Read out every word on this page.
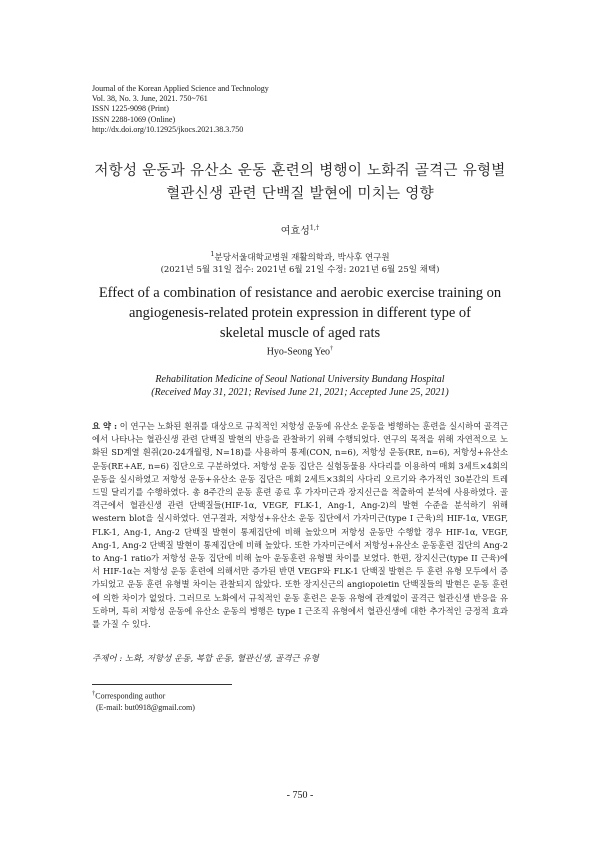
Journal of the Korean Applied Science and Technology
Vol. 38, No. 3. June, 2021. 750~761
ISSN 1225-9098 (Print)
ISSN 2288-1069 (Online)
http://dx.doi.org/10.12925/jkocs.2021.38.3.750
저항성 운동과 유산소 운동 훈련의 병행이 노화쥐 골격근 유형별
혈관신생 관련 단백질 발현에 미치는 영향
여효성$^{1,\dagger}$
$^1$분당서울대학교병원 재활의학과, 박사후 연구원
(2021년 5월 31일 접수: 2021년 6월 21일 수정: 2021년 6월 25일 채택)
Effect of a combination of resistance and aerobic exercise training on
angiogenesis-related protein expression in different type of
skeletal muscle of aged rats
Hyo-Seong Yeo†
Rehabilitation Medicine of Seoul National University Bundang Hospital
(Received May 31, 2021; Revised June 21, 2021; Accepted June 25, 2021)
요 약 : 이 연구는 노화된 흰쥐를 대상으로 규칙적인 저항성 운동에 유산소 운동을 병행하는 훈련을 실시하여 골격근에서 나타나는 혈관신생 관련 단백질 발현의 반응을 관찰하기 위해 수행되었다. 연구의 목적을 위해 자연적으로 노화된 SD계열 흰쥐(20-24개월령, N=18)를 사용하여 통제(CON, n=6), 저항성 운동(RE, n=6), 저항성+유산소 운동(RE+AE, n=6) 집단으로 구분하였다. 저항성 운동 집단은 실험동물용 사다리를 이용하여 매회 3세트×4회의 운동을 실시하였고 저항성 운동+유산소 운동 집단은 매회 2세트×3회의 사다리 오르기와 추가적인 30분간의 트레드밀 달리기를 수행하였다. 총 8주간의 운동 훈련 종료 후 가자미근과 장지신근을 적출하여 분석에 사용하였다. 골격근에서 혈관신생 관련 단백질들(HIF-1α, VEGF, FLK-1, Ang-1, Ang-2)의 발현 수준을 분석하기 위해 western blot을 실시하였다. 연구결과, 저항성+유산소 운동 집단에서 가자미근(type I 근육)의 HIF-1α, VEGF, FLK-1, Ang-1, Ang-2 단백질 발현이 통제집단에 비해 높았으며 저항성 운동만 수행할 경우 HIF-1α, VEGF, Ang-1, Ang-2 단백질 발현이 통제집단에 비해 높았다. 또한 가자미근에서 저항성+유산소 운동훈련 집단의 Ang-2 to Ang-1 ratio가 저항성 운동 집단에 비해 높아 운동훈련 유형별 차이를 보였다. 한편, 장지신근(type II 근육)에서 HIF-1α는 저항성 운동 훈련에 의해서만 증가된 반면 VEGF와 FLK-1 단백질 발현은 두 훈련 유형 모두에서 증가되었고 운동 훈련 유형별 차이는 관찰되지 않았다. 또한 장지신근의 angiopoietin 단백질들의 발현은 운동 훈련에 의한 차이가 없었다. 그러므로 노화에서 규칙적인 운동 훈련은 운동 유형에 관계없이 골격근 혈관신생 반응을 유도하며, 특히 저항성 운동에 유산소 운동의 병행은 type I 근조직 유형에서 혈관신생에 대한 추가적인 긍정적 효과를 가질 수 있다.
주제어 : 노화, 저항성 운동, 복합 운동, 혈관신생, 골격근 유형
†Corresponding author
(E-mail: but0918@gmail.com)
- 750 -
